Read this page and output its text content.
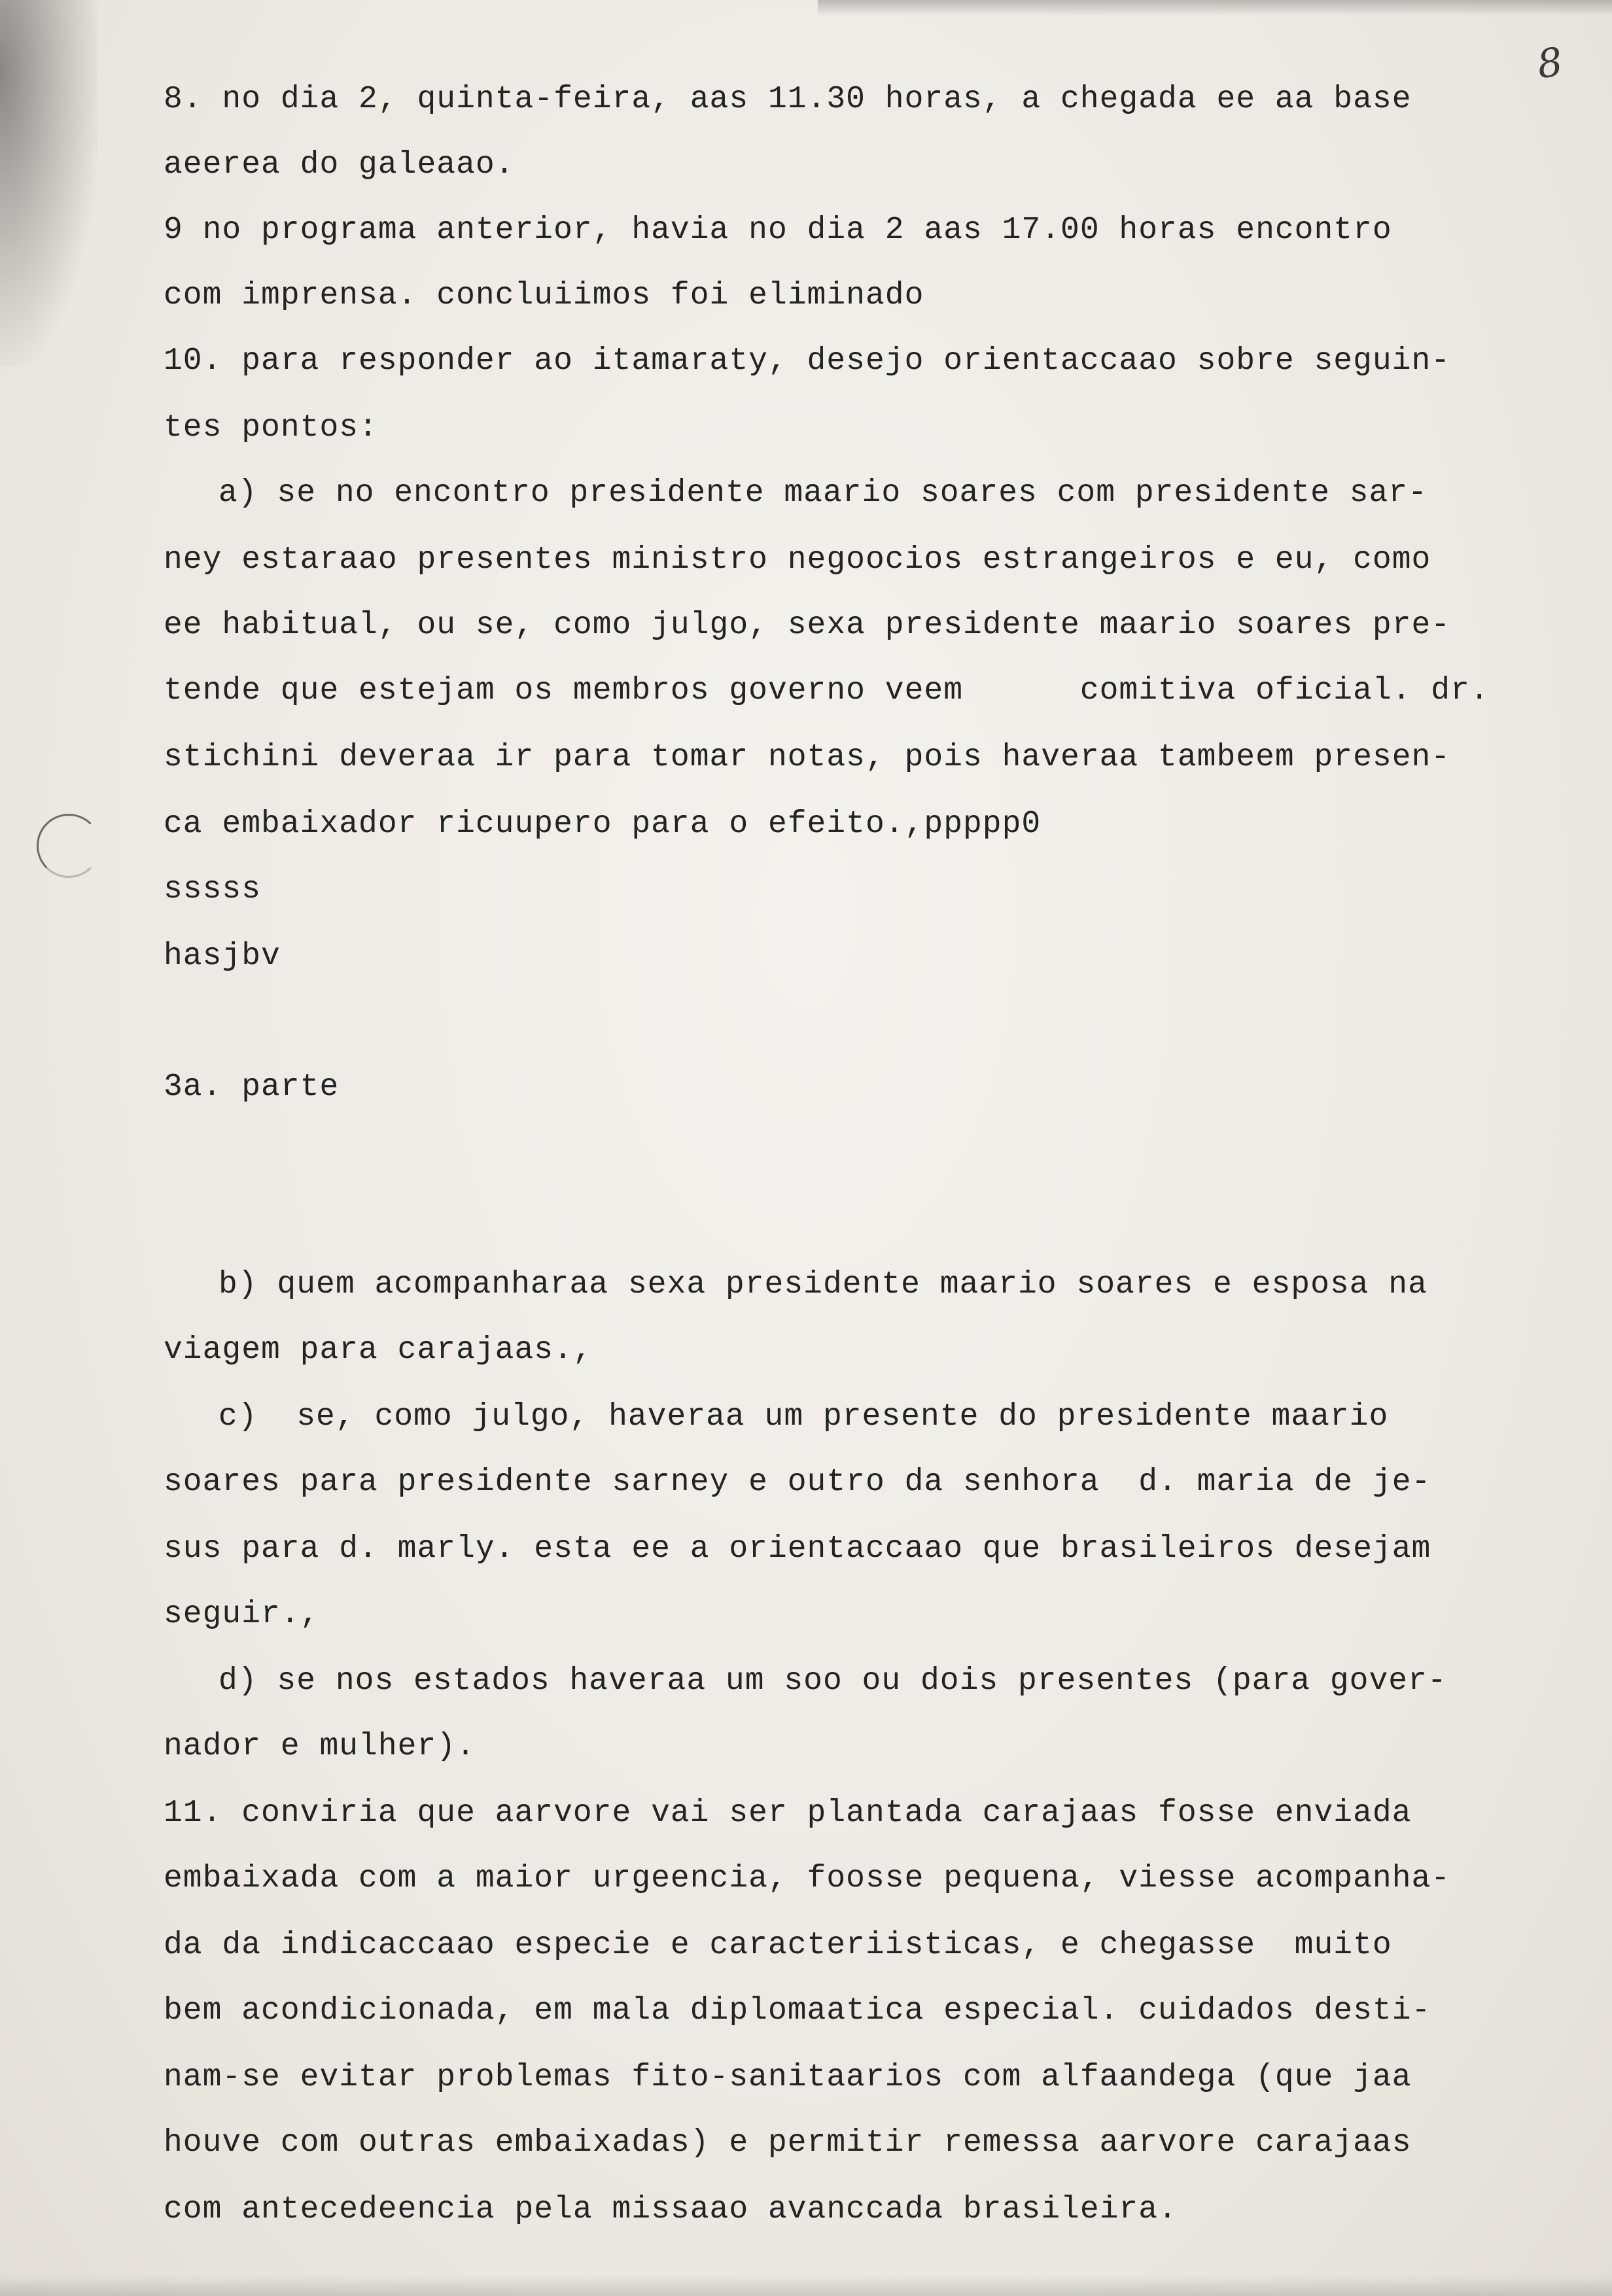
8
8. no dia 2, quinta-feira, aas 11.30 horas, a chegada ee aa base
aeerea do galeaao.
9 no programa anterior, havia no dia 2 aas 17.00 horas encontro
com imprensa. concluiimos foi eliminado
10. para responder ao itamaraty, desejo orientaccaao sobre seguin-
tes pontos:
a) se no encontro presidente maario soares com presidente sar-
ney estaraao presentes ministro negoocios estrangeiros e eu, como
ee habitual, ou se, como julgo, sexa presidente maario soares pre-
tende que estejam os membros governo veem      comitiva oficial. dr.
stichini deveraa ir para tomar notas, pois haveraa tambeem presen-
ca embaixador ricuupero para o efeito.,ppppp0
sssss
hasjbv
3a. parte
b) quem acompanharaa sexa presidente maario soares e esposa na
viagem para carajaas.,
c)  se, como julgo, haveraa um presente do presidente maario
soares para presidente sarney e outro da senhora  d. maria de je-
sus para d. marly. esta ee a orientaccaao que brasileiros desejam
seguir.,
d) se nos estados haveraa um soo ou dois presentes (para gover-
nador e mulher).
11. conviria que aarvore vai ser plantada carajaas fosse enviada
embaixada com a maior urgeencia, foosse pequena, viesse acompanha-
da da indicaccaao especie e caracteriisticas, e chegasse  muito
bem acondicionada, em mala diplomaatica especial. cuidados desti-
nam-se evitar problemas fito-sanitaarios com alfaandega (que jaa
houve com outras embaixadas) e permitir remessa aarvore carajaas
com antecedeencia pela missaao avanccada brasileira.
